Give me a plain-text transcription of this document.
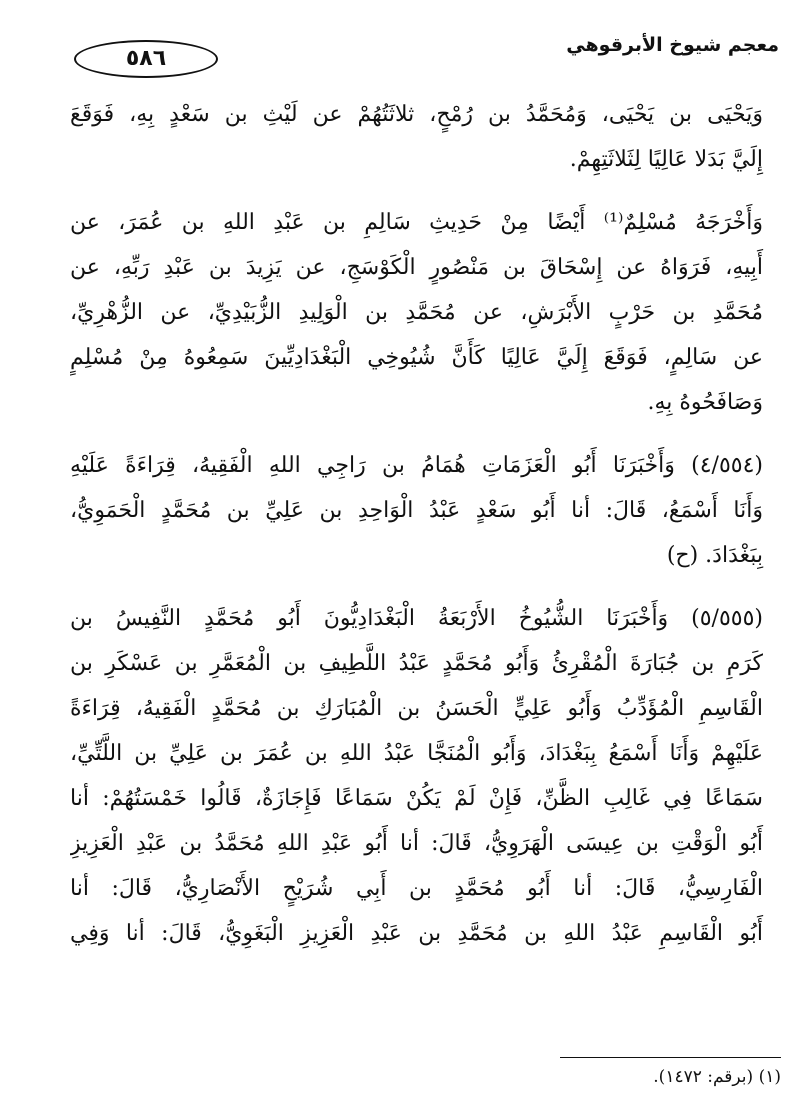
معجم شيوخ الأبرقوهي
٥٨٦
وَيَحْيَى بن يَحْيَى، وَمُحَمَّدُ بن رُمْحٍ، ثلاثَتُهُمْ عن لَيْثِ بن سَعْدٍ بِهِ، فَوَقَعَ
إِلَيَّ بَدَلا عَالِيًا لِثَلاثَتِهِمْ.
وَأَخْرَجَهُ مُسْلِمٌ⁽¹⁾ أَيْضًا مِنْ حَدِيثِ سَالِمِ بن عَبْدِ اللهِ بن عُمَرَ، عن
أَبِيهِ، فَرَوَاهُ عن إِسْحَاقَ بن مَنْصُورٍ الْكَوْسَجِ، عن يَزِيدَ بن عَبْدِ رَبِّهِ، عن
مُحَمَّدِ بن حَرْبٍ الأَبْرَشِ، عن مُحَمَّدِ بن الْوَلِيدِ الزُّبَيْدِيِّ، عن الزُّهْرِيِّ،
عن سَالِمٍ، فَوَقَعَ إِلَيَّ عَالِيًا كَأَنَّ شُيُوخِي الْبَغْدَادِيِّينَ سَمِعُوهُ مِنْ مُسْلِمٍ
وَصَافَحُوهُ بِهِ.
(٤/٥٥٤) وَأَخْبَرَنَا أَبُو الْعَزَمَاتِ هُمَامُ بن رَاجِي اللهِ الْفَقِيهُ، قِرَاءَةً عَلَيْهِ
وَأَنَا أَسْمَعُ، قَالَ: أنا أَبُو سَعْدٍ عَبْدُ الْوَاحِدِ بن عَلِيِّ بن مُحَمَّدٍ الْحَمَوِيُّ،
بِبَغْدَادَ. (ح)
(٥/٥٥٥) وَأَخْبَرَنَا الشُّيُوخُ الأَرْبَعَةُ الْبَغْدَادِيُّونَ أَبُو مُحَمَّدٍ النَّفِيسُ بن
كَرَمِ بن جُبَارَةَ الْمُقْرِئُ وَأَبُو مُحَمَّدٍ عَبْدُ اللَّطِيفِ بن الْمُعَمَّرِ بن عَسْكَرِ بن
الْقَاسِمِ الْمُؤَدِّبُ وَأَبُو عَلِيٍّ الْحَسَنُ بن الْمُبَارَكِ بن مُحَمَّدٍ الْفَقِيهُ، قِرَاءَةً
عَلَيْهِمْ وَأَنَا أَسْمَعُ بِبَغْدَادَ، وَأَبُو الْمُنَجَّا عَبْدُ اللهِ بن عُمَرَ بن عَلِيِّ بن اللَّتِّيِّ،
سَمَاعًا فِي غَالِبِ الظَّنِّ، فَإِنْ لَمْ يَكُنْ سَمَاعًا فَإِجَازَةٌ، قَالُوا خَمْسَتُهُمْ: أنا
أَبُو الْوَقْتِ بن عِيسَى الْهَرَوِيُّ، قَالَ: أنا أَبُو عَبْدِ اللهِ مُحَمَّدُ بن عَبْدِ الْعَزِيزِ
الْفَارِسِيُّ، قَالَ: أنا أَبُو مُحَمَّدٍ بن أَبِي شُرَيْحٍ الأَنْصَارِيُّ، قَالَ: أنا
أَبُو الْقَاسِمِ عَبْدُ اللهِ بن مُحَمَّدِ بن عَبْدِ الْعَزِيزِ الْبَغَوِيُّ، قَالَ: أنا وَفِي
(١) (برقم: ١٤٧٢).
